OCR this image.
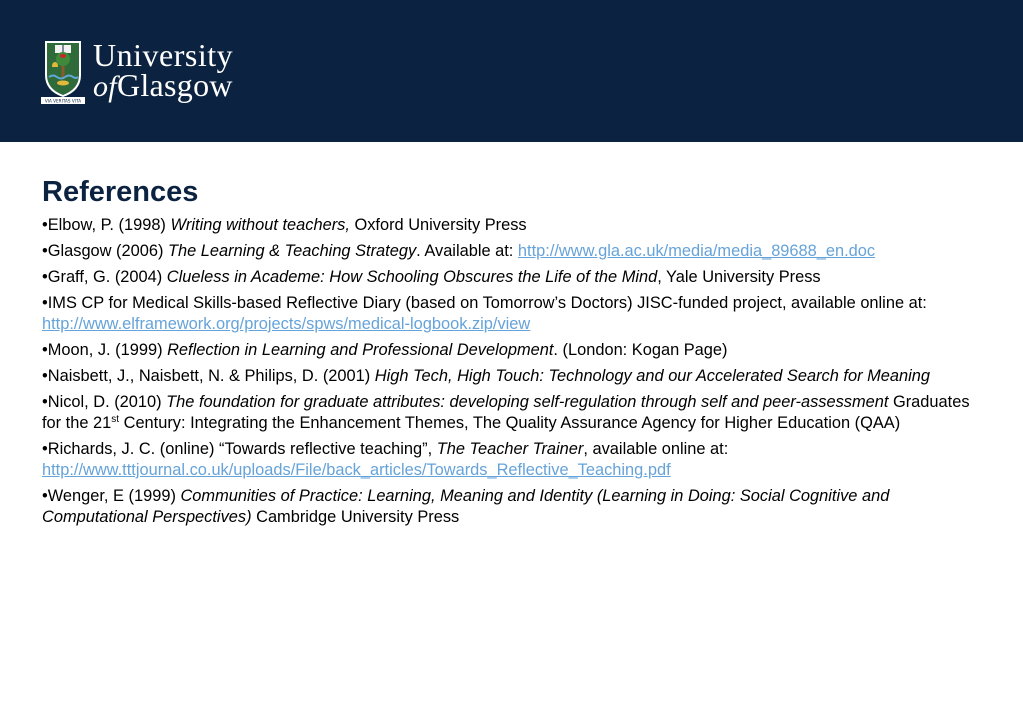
VIA VERITAS VITA
University
ofGlasgow
References
•Elbow, P. (1998) Writing without teachers, Oxford University Press
•Glasgow (2006) The Learning & Teaching Strategy. Available at: http://www.gla.ac.uk/media/media_89688_en.doc
•Graff, G. (2004) Clueless in Academe: How Schooling Obscures the Life of the Mind, Yale University Press
•IMS CP for Medical Skills-based Reflective Diary (based on Tomorrow’s Doctors) JISC-funded project, available online at: http://www.elframework.org/projects/spws/medical-logbook.zip/view
•Moon, J. (1999) Reflection in Learning and Professional Development. (London: Kogan Page)
•Naisbett, J., Naisbett, N. & Philips, D. (2001) High Tech, High Touch: Technology and our Accelerated Search for Meaning
•Nicol, D. (2010) The foundation for graduate attributes: developing self-regulation through self and peer-assessment Graduates for the 21st Century: Integrating the Enhancement Themes, The Quality Assurance Agency for Higher Education (QAA)
•Richards, J. C. (online) “Towards reflective teaching”, The Teacher Trainer, available online at: http://www.tttjournal.co.uk/uploads/File/back_articles/Towards_Reflective_Teaching.pdf
•Wenger, E (1999) Communities of Practice: Learning, Meaning and Identity (Learning in Doing: Social Cognitive and Computational Perspectives) Cambridge University Press
